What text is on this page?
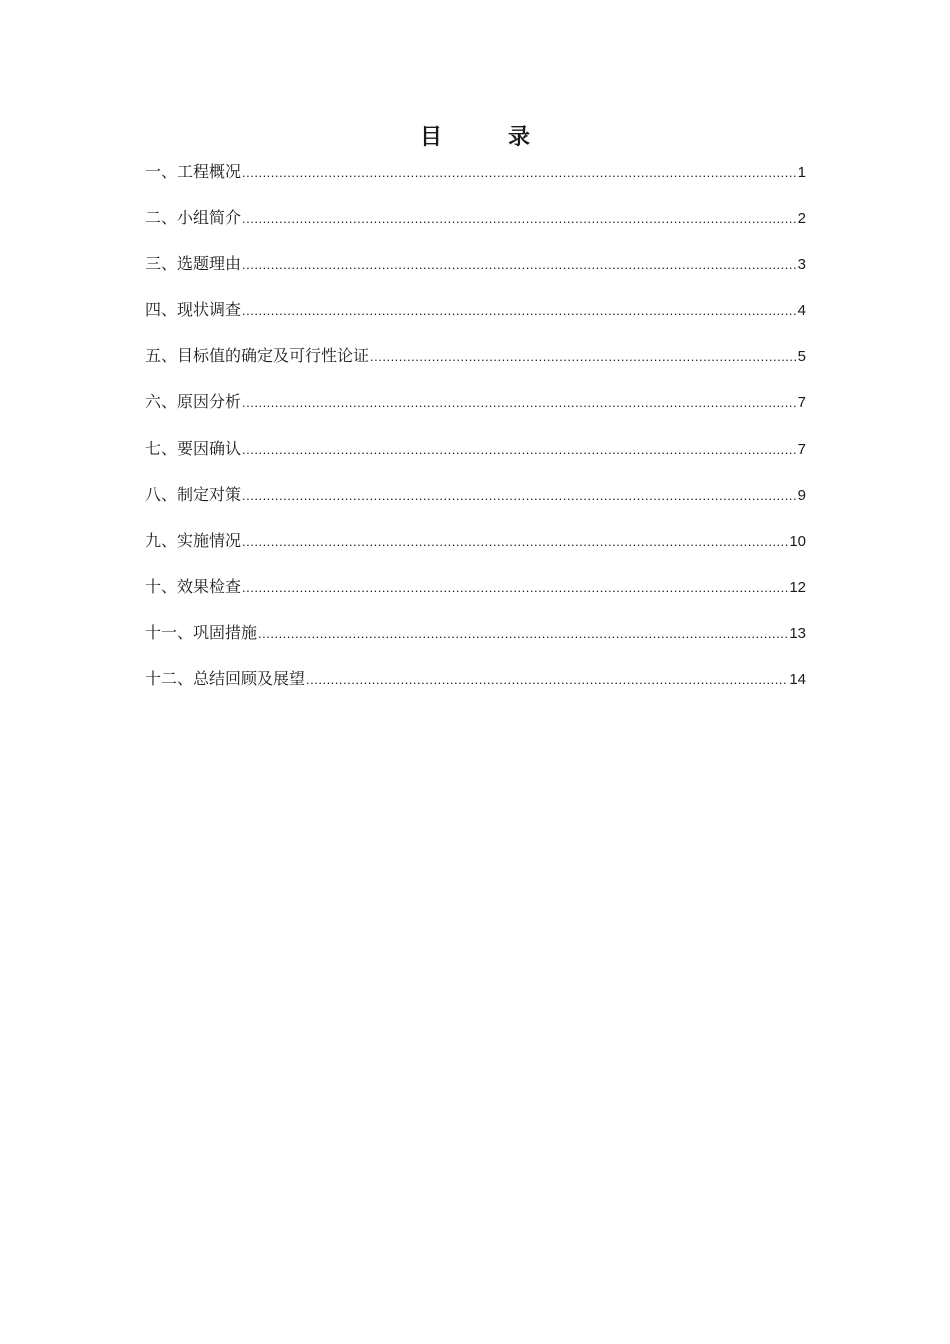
目	录
一、工程概况 .....	1
二、小组简介 .....	2
三、选题理由 .....	3
四、现状调查 .....	4
五、目标值的确定及可行性论证 .....	5
六、原因分析 .....	7
七、要因确认 .....	7
八、制定对策 .....	9
九、实施情况 .....	10
十、效果检查 .....	12
十一、巩固措施 .....	13
十二、总结回顾及展望 .....	14
